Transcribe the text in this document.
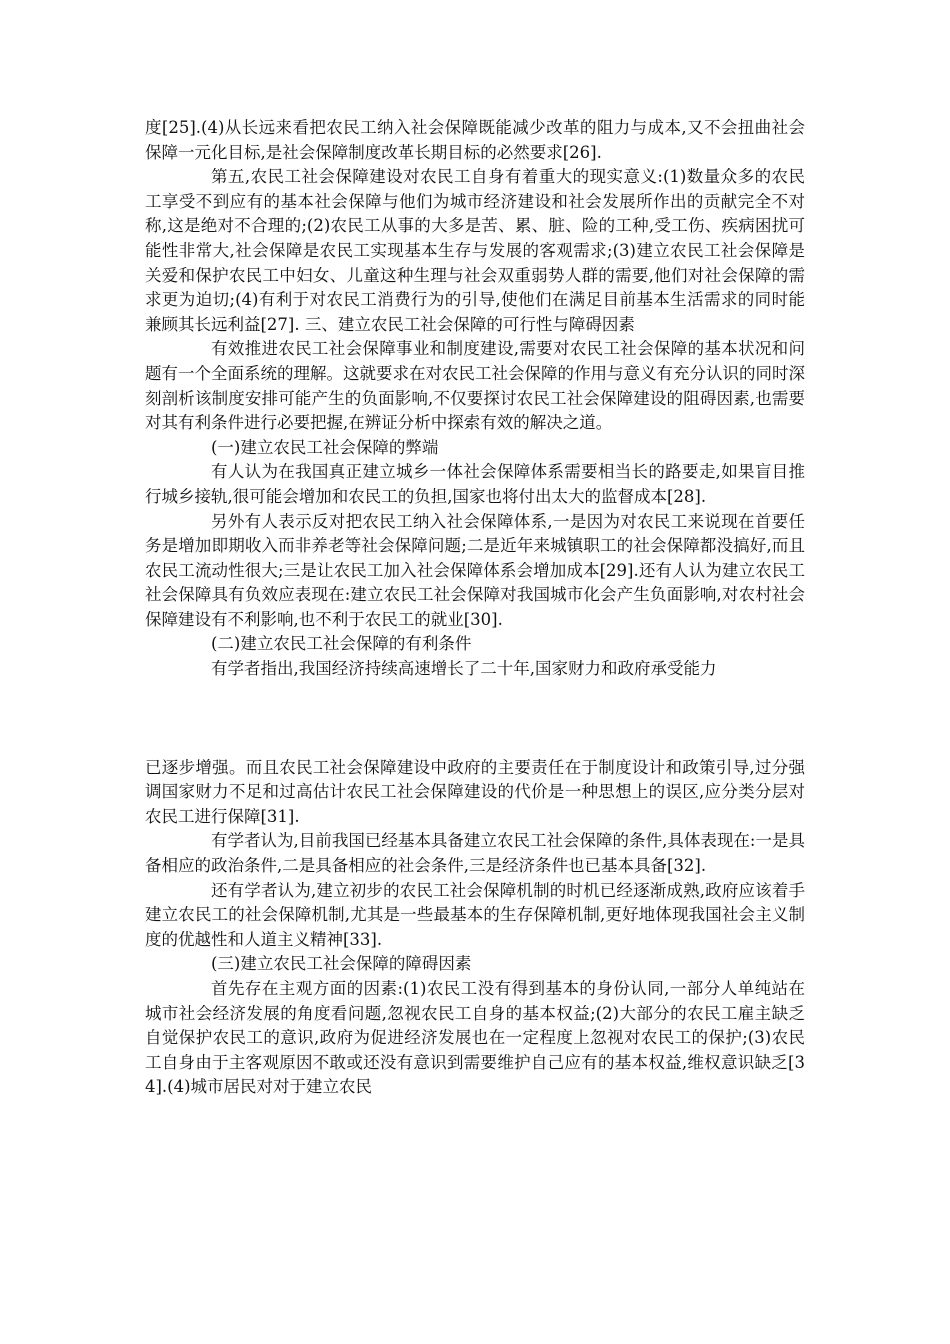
度[25].(4)从长远来看把农民工纳入社会保障既能减少改革的阻力与成本,又不会扭曲社会保障一元化目标,是社会保障制度改革长期目标的必然要求[26].

第五,农民工社会保障建设对农民工自身有着重大的现实意义:(1)数量众多的农民工享受不到应有的基本社会保障与他们为城市经济建设和社会发展所作出的贡献完全不对称,这是绝对不合理的;(2)农民工从事的大多是苦、累、脏、险的工种,受工伤、疾病困扰可能性非常大,社会保障是农民工实现基本生存与发展的客观需求;(3)建立农民工社会保障是关爱和保护农民工中妇女、儿童这种生理与社会双重弱势人群的需要,他们对社会保障的需求更为迫切;(4)有利于对农民工消费行为的引导,使他们在满足目前基本生活需求的同时能兼顾其长远利益[27]. 三、建立农民工社会保障的可行性与障碍因素

有效推进农民工社会保障事业和制度建设,需要对农民工社会保障的基本状况和问题有一个全面系统的理解。这就要求在对农民工社会保障的作用与意义有充分认识的同时深刻剖析该制度安排可能产生的负面影响,不仅要探讨农民工社会保障建设的阻碍因素,也需要对其有利条件进行必要把握,在辨证分析中探索有效的解决之道。

(一)建立农民工社会保障的弊端

有人认为在我国真正建立城乡一体社会保障体系需要相当长的路要走,如果盲目推行城乡接轨,很可能会增加和农民工的负担,国家也将付出太大的监督成本[28].

另外有人表示反对把农民工纳入社会保障体系,一是因为对农民工来说现在首要任务是增加即期收入而非养老等社会保障问题;二是近年来城镇职工的社会保障都没搞好,而且农民工流动性很大;三是让农民工加入社会保障体系会增加成本[29].还有人认为建立农民工社会保障具有负效应表现在:建立农民工社会保障对我国城市化会产生负面影响,对农村社会保障建设有不利影响,也不利于农民工的就业[30].

(二)建立农民工社会保障的有利条件

有学者指出,我国经济持续高速增长了二十年,国家财力和政府承受能力

已逐步增强。而且农民工社会保障建设中政府的主要责任在于制度设计和政策引导,过分强调国家财力不足和过高估计农民工社会保障建设的代价是一种思想上的误区,应分类分层对农民工进行保障[31].

有学者认为,目前我国已经基本具备建立农民工社会保障的条件,具体表现在:一是具备相应的政治条件,二是具备相应的社会条件,三是经济条件也已基本具备[32].

还有学者认为,建立初步的农民工社会保障机制的时机已经逐渐成熟,政府应该着手建立农民工的社会保障机制,尤其是一些最基本的生存保障机制,更好地体现我国社会主义制度的优越性和人道主义精神[33].

(三)建立农民工社会保障的障碍因素

首先存在主观方面的因素:(1)农民工没有得到基本的身份认同,一部分人单纯站在城市社会经济发展的角度看问题,忽视农民工自身的基本权益;(2)大部分的农民工雇主缺乏自觉保护农民工的意识,政府为促进经济发展也在一定程度上忽视对农民工的保护;(3)农民工自身由于主客观原因不敢或还没有意识到需要维护自己应有的基本权益,维权意识缺乏[34].(4)城市居民对对于建立农民
